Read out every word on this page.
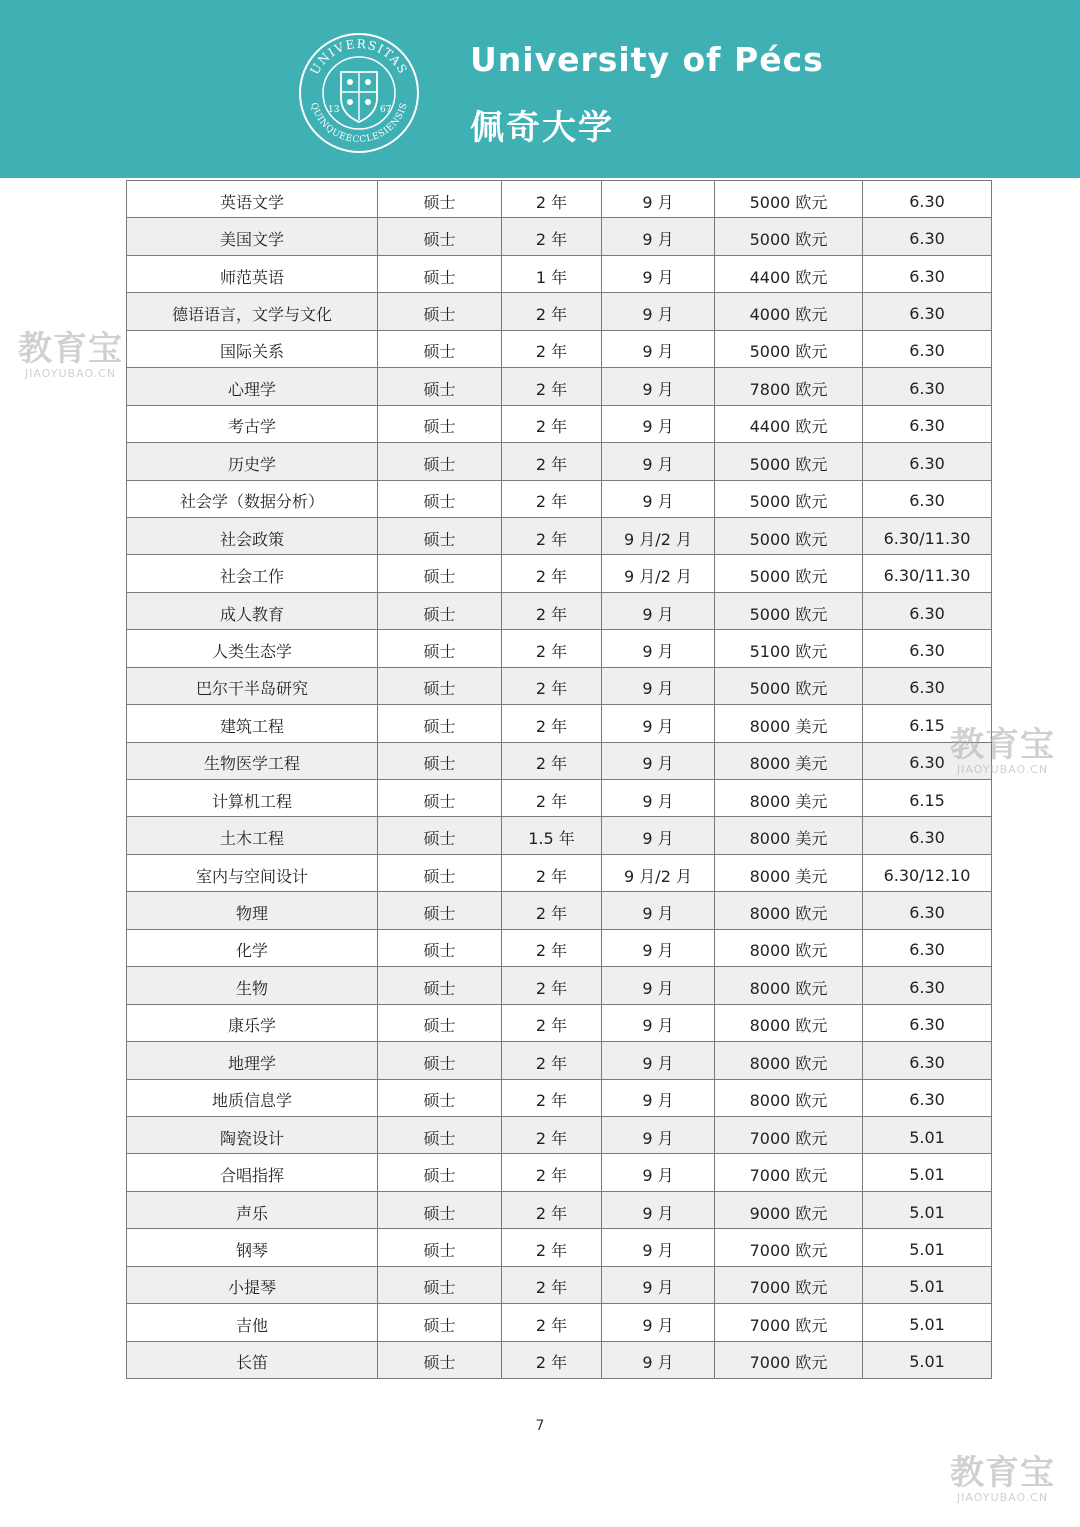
UNIVERSITAS
QUINQUEECCLESIENSIS
13	67
University of Pécs
佩奇大学
英语文学	硕士	2 年	9 月	5000 欧元	6.30
美国文学	硕士	2 年	9 月	5000 欧元	6.30
师范英语	硕士	1 年	9 月	4400 欧元	6.30
德语语言，文学与文化	硕士	2 年	9 月	4000 欧元	6.30
国际关系	硕士	2 年	9 月	5000 欧元	6.30
心理学	硕士	2 年	9 月	7800 欧元	6.30
考古学	硕士	2 年	9 月	4400 欧元	6.30
历史学	硕士	2 年	9 月	5000 欧元	6.30
社会学（数据分析）	硕士	2 年	9 月	5000 欧元	6.30
社会政策	硕士	2 年	9 月/2 月	5000 欧元	6.30/11.30
社会工作	硕士	2 年	9 月/2 月	5000 欧元	6.30/11.30
成人教育	硕士	2 年	9 月	5000 欧元	6.30
人类生态学	硕士	2 年	9 月	5100 欧元	6.30
巴尔干半岛研究	硕士	2 年	9 月	5000 欧元	6.30
建筑工程	硕士	2 年	9 月	8000 美元	6.15
生物医学工程	硕士	2 年	9 月	8000 美元	6.30
计算机工程	硕士	2 年	9 月	8000 美元	6.15
土木工程	硕士	1.5 年	9 月	8000 美元	6.30
室内与空间设计	硕士	2 年	9 月/2 月	8000 美元	6.30/12.10
物理	硕士	2 年	9 月	8000 欧元	6.30
化学	硕士	2 年	9 月	8000 欧元	6.30
生物	硕士	2 年	9 月	8000 欧元	6.30
康乐学	硕士	2 年	9 月	8000 欧元	6.30
地理学	硕士	2 年	9 月	8000 欧元	6.30
地质信息学	硕士	2 年	9 月	8000 欧元	6.30
陶瓷设计	硕士	2 年	9 月	7000 欧元	5.01
合唱指挥	硕士	2 年	9 月	7000 欧元	5.01
声乐	硕士	2 年	9 月	9000 欧元	5.01
钢琴	硕士	2 年	9 月	7000 欧元	5.01
小提琴	硕士	2 年	9 月	7000 欧元	5.01
吉他	硕士	2 年	9 月	7000 欧元	5.01
长笛	硕士	2 年	9 月	7000 欧元	5.01
7
教育宝
JIAOYUBAO.CN
教育宝
JIAOYUBAO.CN
教育宝
JIAOYUBAO.CN
